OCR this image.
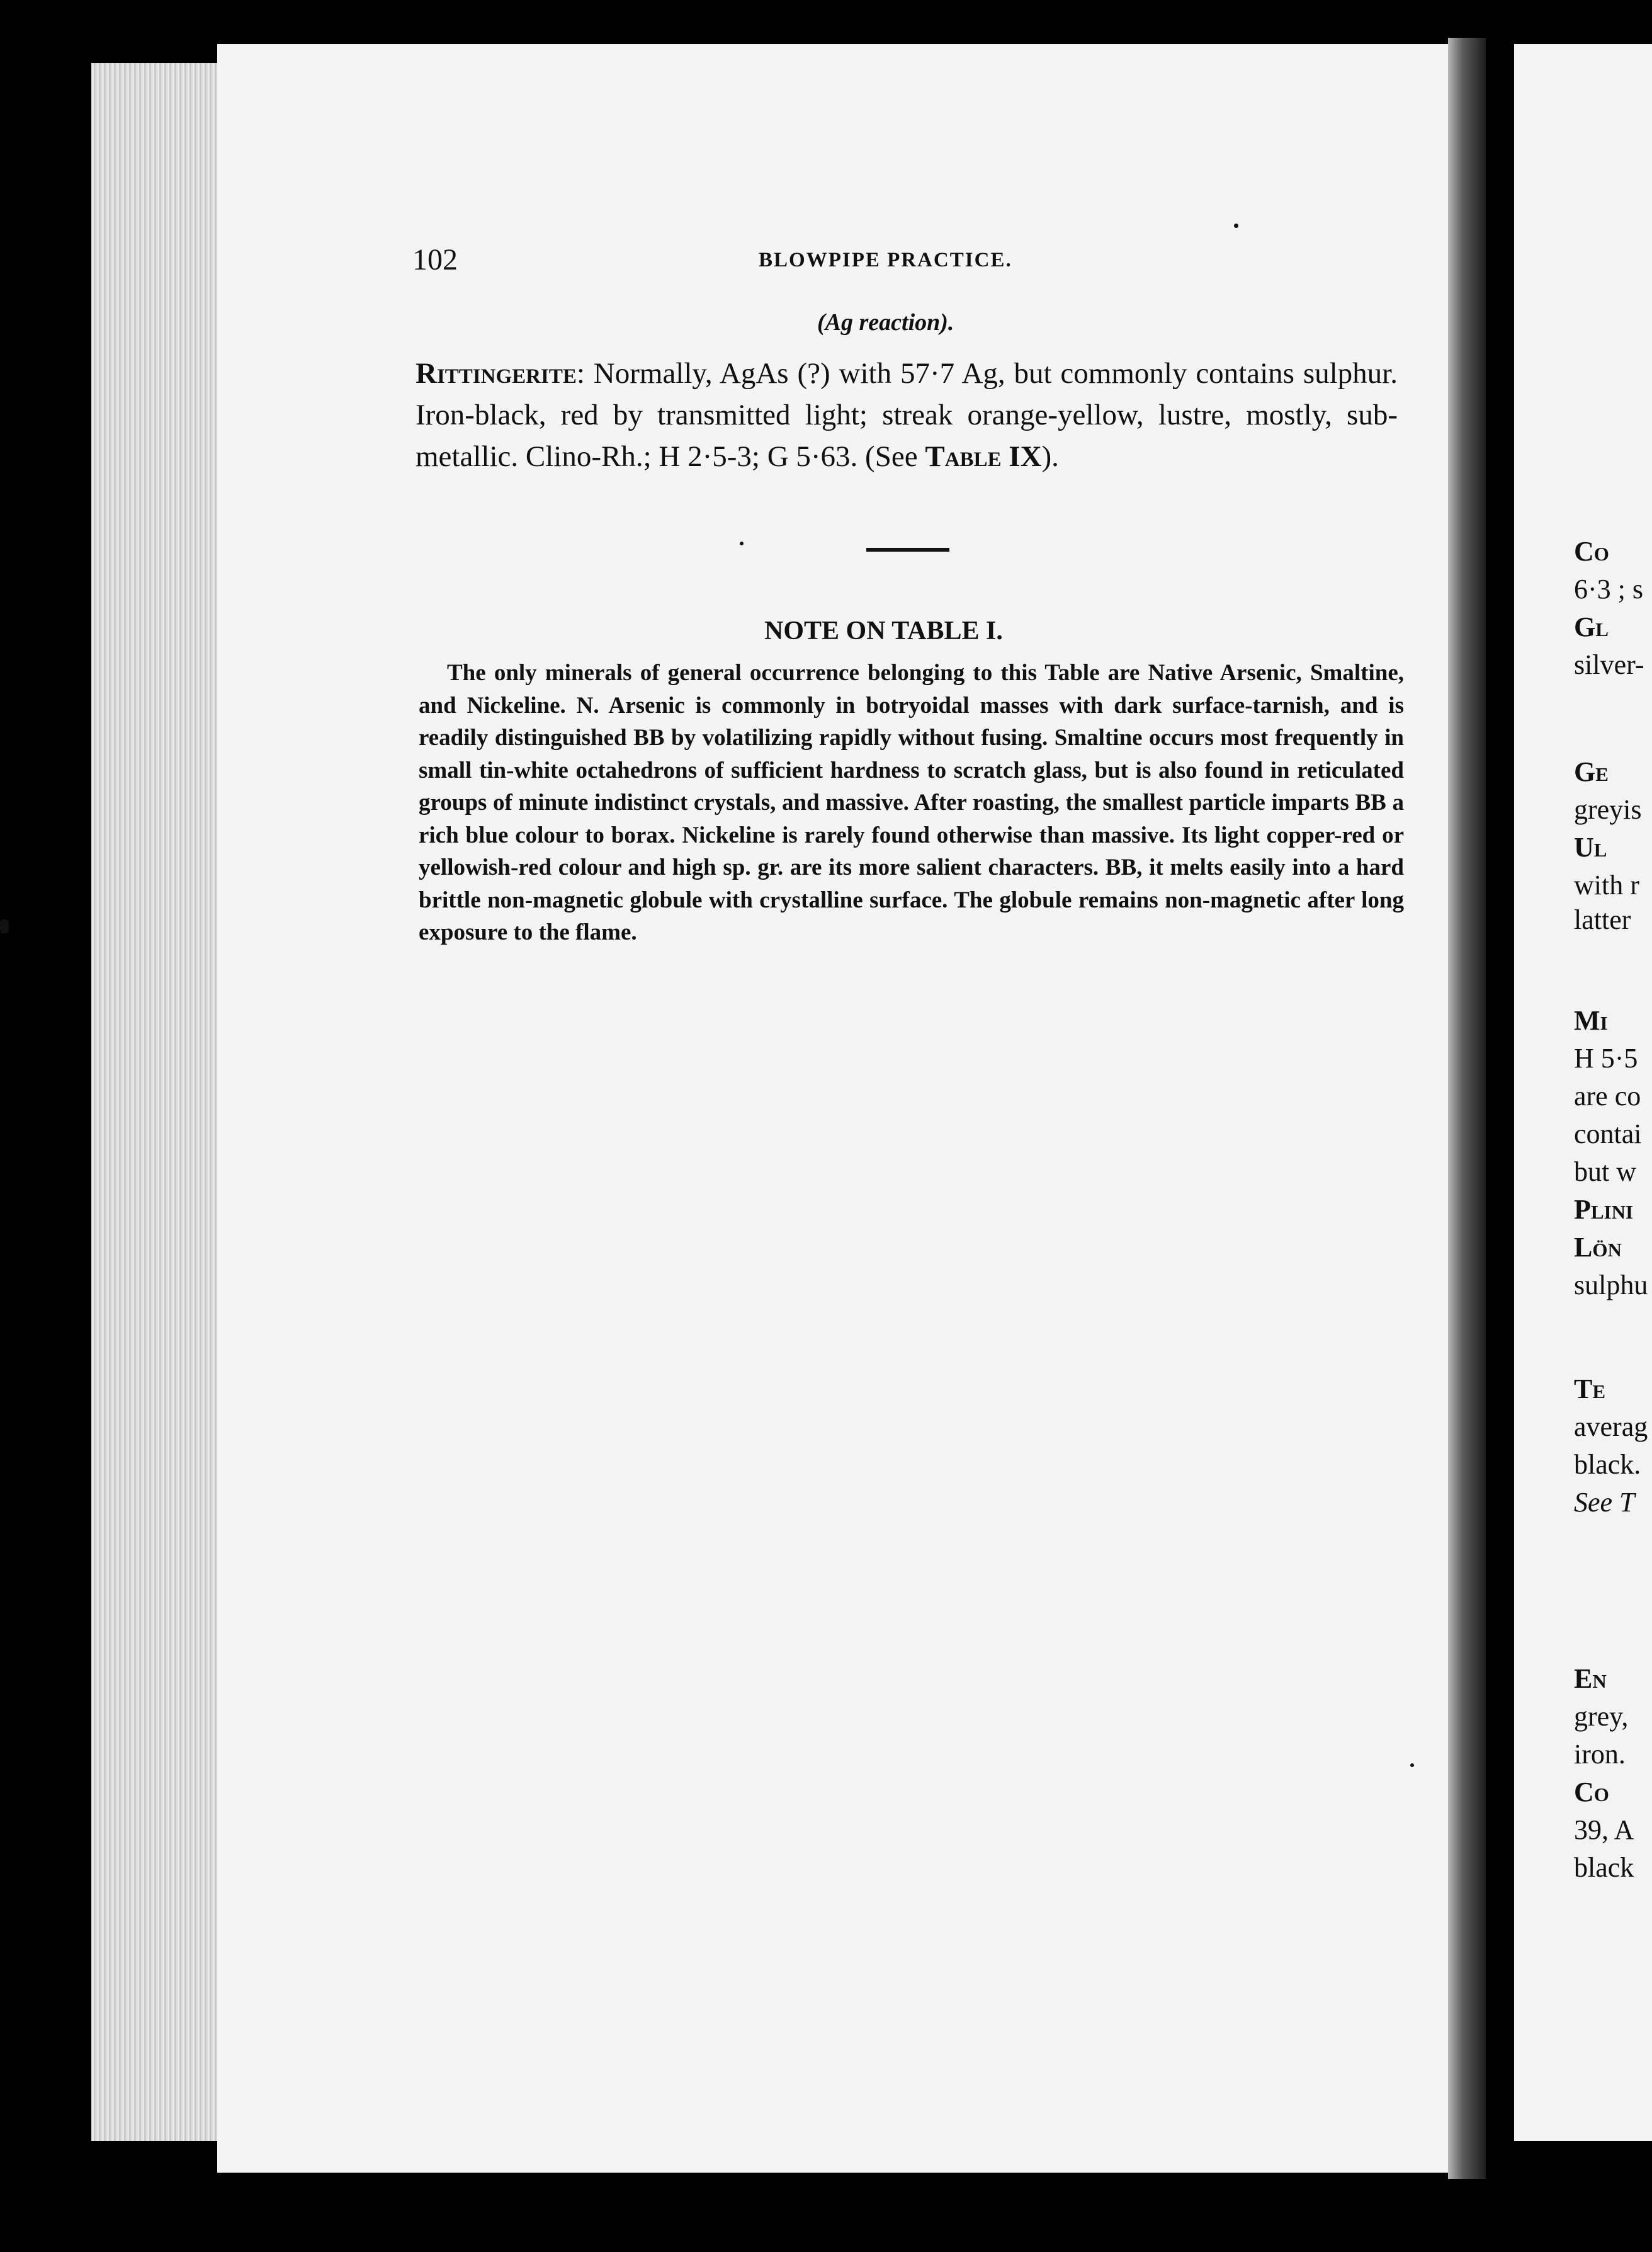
Co
6·3 ; s
Gl
silver-
Ge
greyis
Ul
with r
latter
Mi
H 5·5
are co
contai
but w
Plini
Lön
sulphu
Te
averag
black.
See T
En
grey,
iron.
Co
39, A
black
102	BLOWPIPE PRACTICE.
(Ag reaction).

Rittingerite: Normally, AgAs (?) with 57·7 Ag, but commonly contains sulphur. Iron-black, red by transmitted light; streak orange-yellow, lustre, mostly, sub-metallic. Clino-Rh.; H 2·5-3; G 5·63. (See Table IX).

NOTE ON TABLE I.

The only minerals of general occurrence belonging to this Table are Native Arsenic, Smaltine, and Nickeline. N. Arsenic is commonly in botryoidal masses with dark surface-tarnish, and is readily distinguished BB by volatilizing rapidly without fusing. Smaltine occurs most frequently in small tin-white octahedrons of sufficient hardness to scratch glass, but is also found in reticulated groups of minute indistinct crystals, and massive. After roasting, the smallest particle imparts BB a rich blue colour to borax. Nickeline is rarely found otherwise than massive. Its light copper-red or yellowish-red colour and high sp. gr. are its more salient characters. BB, it melts easily into a hard brittle non-magnetic globule with crystalline surface. The globule remains non-magnetic after long exposure to the flame.
